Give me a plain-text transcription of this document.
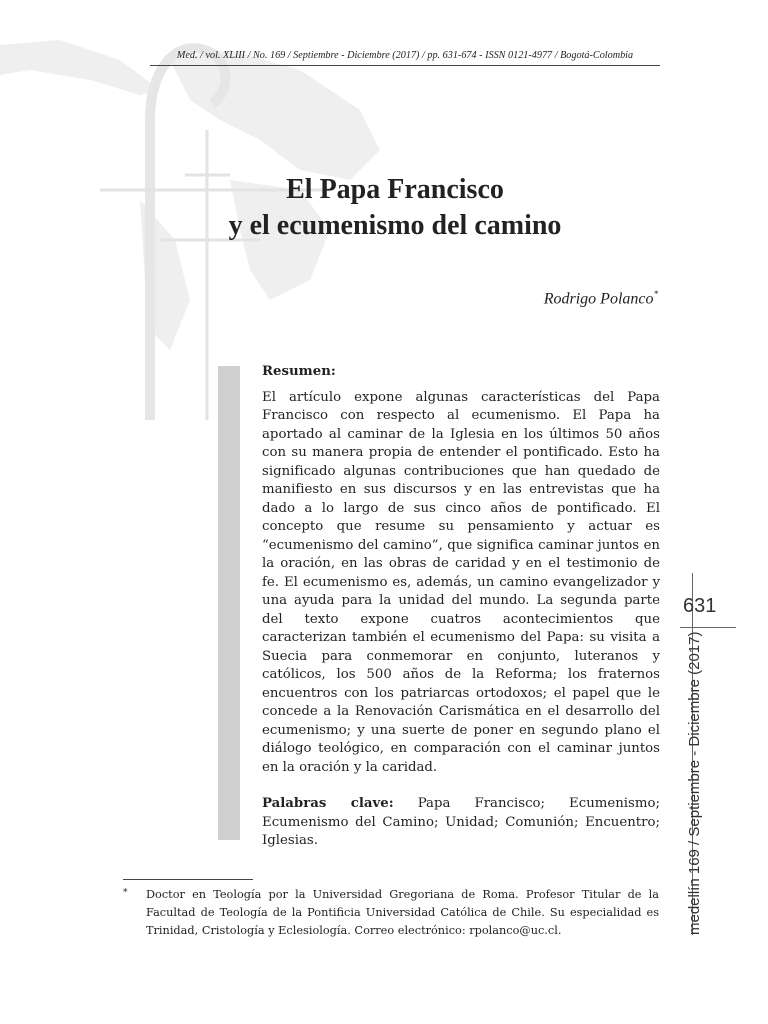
Med. / vol. XLIII / No. 169 / Septiembre - Diciembre (2017) / pp. 631-674 - ISSN 0121-4977 / Bogotá-Colombia
El Papa Francisco
y el ecumenismo del camino
Rodrigo Polanco*
Resumen:

El artículo expone algunas características del Papa Francisco con respecto al ecumenismo. El Papa ha aportado al caminar de la Iglesia en los últimos 50 años con su manera propia de entender el pontificado. Esto ha significado algunas contribuciones que han quedado de manifiesto en sus discursos y en las entrevistas que ha dado a lo largo de sus cinco años de pontificado. El concepto que resume su pensamiento y actuar es “ecumenismo del camino”, que significa caminar juntos en la oración, en las obras de caridad y en el testimonio de fe. El ecumenismo es, además, un camino evangelizador y una ayuda para la unidad del mundo. La segunda parte del texto expone cuatros acontecimientos que caracterizan también el ecumenismo del Papa: su visita a Suecia para conmemorar en conjunto, luteranos y católicos, los 500 años de la Reforma; los fraternos encuentros con los patriarcas ortodoxos; el papel que le concede a la Renovación Carismática en el desarrollo del ecumenismo; y una suerte de poner en segundo plano el diálogo teológico, en comparación con el caminar juntos en la oración y la caridad.

Palabras clave: Papa Francisco; Ecumenismo; Ecumenismo del Camino; Unidad; Comunión; Encuentro; Iglesias.
* Doctor en Teología por la Universidad Gregoriana de Roma. Profesor Titular de la Facultad de Teología de la Pontificia Universidad Católica de Chile. Su especialidad es Trinidad, Cristología y Eclesiología. Correo electrónico: rpolanco@uc.cl.
631
medellín 169 / Septiembre - Diciembre (2017)
